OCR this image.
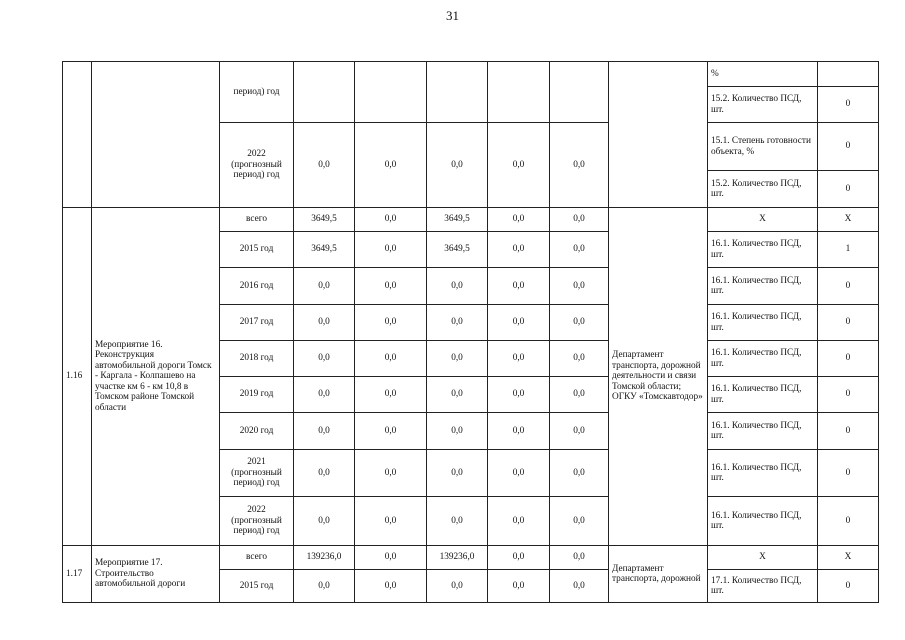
31
		период) год							%	
									15.2. Количество ПСД, шт.	0
		2022 (прогнозный период) год	0,0	0,0	0,0	0,0	0,0		15.1. Степень готовности объекта, %	0
									15.2. Количество ПСД, шт.	0
1.16	Мероприятие 16. Реконструкция автомобильной дороги Томск - Каргала - Колпашево на участке км 6 - км 10,8 в Томском районе Томской области	всего	3649,5	0,0	3649,5	0,0	0,0	Департамент транспорта, дорожной деятельности и связи Томской области; ОГКУ «Томскавтодор»	X	X
		2015 год	3649,5	0,0	3649,5	0,0	0,0		16.1. Количество ПСД, шт.	1
		2016 год	0,0	0,0	0,0	0,0	0,0		16.1. Количество ПСД, шт.	0
		2017 год	0,0	0,0	0,0	0,0	0,0		16.1. Количество ПСД, шт.	0
		2018 год	0,0	0,0	0,0	0,0	0,0		16.1. Количество ПСД, шт.	0
		2019 год	0,0	0,0	0,0	0,0	0,0		16.1. Количество ПСД, шт.	0
		2020 год	0,0	0,0	0,0	0,0	0,0		16.1. Количество ПСД, шт.	0
		2021 (прогнозный период) год	0,0	0,0	0,0	0,0	0,0		16.1. Количество ПСД, шт.	0
		2022 (прогнозный период) год	0,0	0,0	0,0	0,0	0,0		16.1. Количество ПСД, шт.	0
1.17	Мероприятие 17. Строительство автомобильной дороги	всего	139236,0	0,0	139236,0	0,0	0,0	Департамент транспорта, дорожной	X	X
		2015 год	0,0	0,0	0,0	0,0	0,0		17.1. Количество ПСД, шт.	0
